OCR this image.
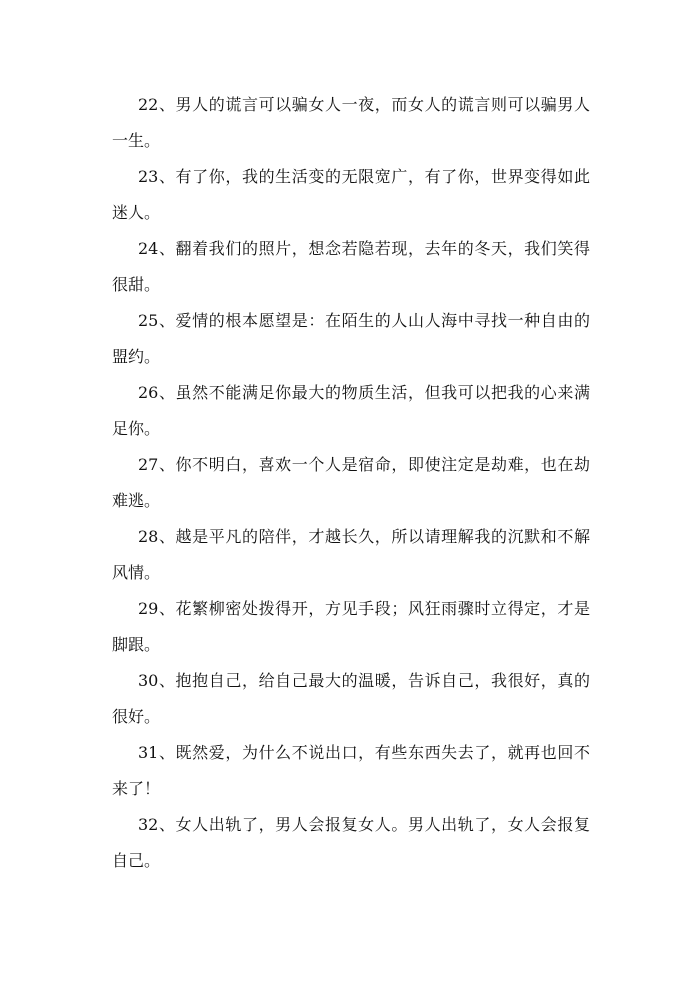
22、男人的谎言可以骗女人一夜，而女人的谎言则可以骗男人
一生。
23、有了你，我的生活变的无限宽广，有了你，世界变得如此
迷人。
24、翻着我们的照片，想念若隐若现，去年的冬天，我们笑得
很甜。
25、爱情的根本愿望是：在陌生的人山人海中寻找一种自由的
盟约。
26、虽然不能满足你最大的物质生活，但我可以把我的心来满
足你。
27、你不明白，喜欢一个人是宿命，即使注定是劫难，也在劫
难逃。
28、越是平凡的陪伴，才越长久，所以请理解我的沉默和不解
风情。
29、花繁柳密处拨得开，方见手段；风狂雨骤时立得定，才是
脚跟。
30、抱抱自己，给自己最大的温暖，告诉自己，我很好，真的
很好。
31、既然爱，为什么不说出口，有些东西失去了，就再也回不
来了！
32、女人出轨了，男人会报复女人。男人出轨了，女人会报复
自己。
